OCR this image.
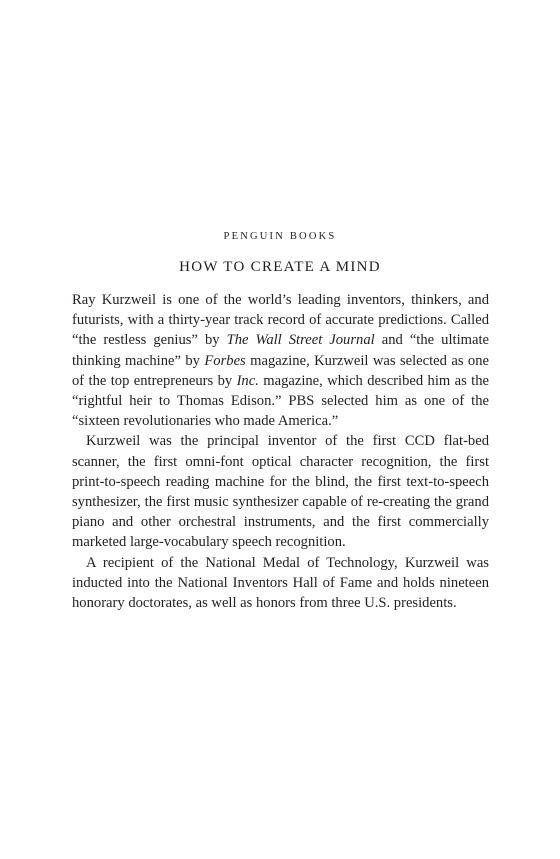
PENGUIN BOOKS
HOW TO CREATE A MIND

Ray Kurzweil is one of the world’s leading inventors, thinkers, and futurists, with a thirty-year track record of accurate predictions. Called “the restless genius” by The Wall Street Journal and “the ultimate thinking machine” by Forbes magazine, Kurzweil was selected as one of the top entrepreneurs by Inc. magazine, which described him as the “rightful heir to Thomas Edison.” PBS selected him as one of the “sixteen revolutionaries who made America.”

Kurzweil was the principal inventor of the first CCD flat-bed scanner, the first omni-font optical character recognition, the first print-to-speech reading machine for the blind, the first text-to-speech synthesizer, the first music synthesizer capable of re-creating the grand piano and other orchestral instruments, and the first commercially marketed large-vocabulary speech recognition.

A recipient of the National Medal of Technology, Kurzweil was inducted into the National Inventors Hall of Fame and holds nineteen honorary doctorates, as well as honors from three U.S. presidents.
